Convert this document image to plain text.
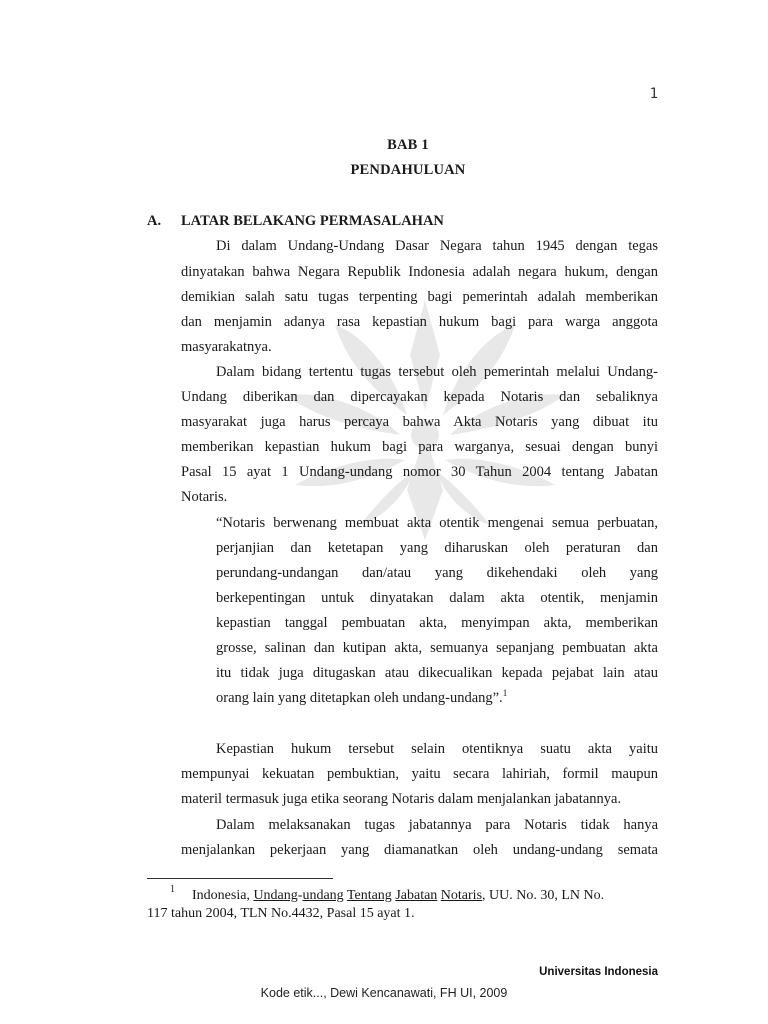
1
BAB 1
PENDAHULUAN
A. LATAR BELAKANG PERMASALAHAN
Di dalam Undang-Undang Dasar Negara tahun 1945 dengan tegas
dinyatakan bahwa Negara Republik Indonesia adalah negara hukum, dengan
demikian salah satu tugas terpenting bagi pemerintah adalah memberikan
dan menjamin adanya rasa kepastian hukum bagi para warga anggota
masyarakatnya.
Dalam bidang tertentu tugas tersebut oleh pemerintah melalui Undang-
Undang diberikan dan dipercayakan kepada Notaris dan sebaliknya
masyarakat juga harus percaya bahwa Akta Notaris yang dibuat itu
memberikan kepastian hukum bagi para warganya, sesuai dengan bunyi
Pasal 15 ayat 1 Undang-undang nomor 30 Tahun 2004 tentang Jabatan
Notaris.
“Notaris berwenang membuat akta otentik mengenai semua perbuatan,
perjanjian dan ketetapan yang diharuskan oleh peraturan dan
perundang-undangan dan/atau yang dikehendaki oleh yang
berkepentingan untuk dinyatakan dalam akta otentik, menjamin
kepastian tanggal pembuatan akta, menyimpan akta, memberikan
grosse, salinan dan kutipan akta, semuanya sepanjang pembuatan akta
itu tidak juga ditugaskan atau dikecualikan kepada pejabat lain atau
orang lain yang ditetapkan oleh undang-undang”.$^1$
Kepastian hukum tersebut selain otentiknya suatu akta yaitu
mempunyai kekuatan pembuktian, yaitu secara lahiriah, formil maupun
materil termasuk juga etika seorang Notaris dalam menjalankan jabatannya.
Dalam melaksanakan tugas jabatannya para Notaris tidak hanya
menjalankan pekerjaan yang diamanatkan oleh undang-undang semata
1 Indonesia, Undang-undang Tentang Jabatan Notaris, UU. No. 30, LN No.
117 tahun 2004, TLN No.4432, Pasal 15 ayat 1.
Universitas Indonesia
Kode etik..., Dewi Kencanawati, FH UI, 2009
